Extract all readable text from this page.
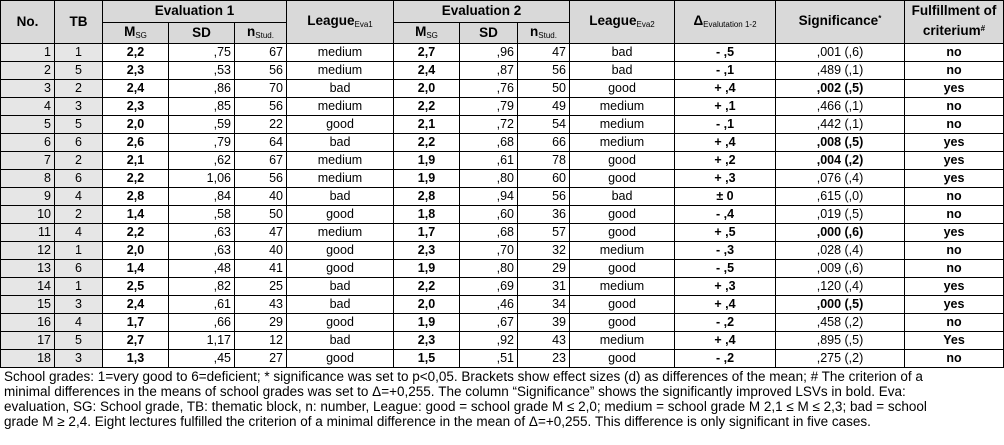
No.	TB	Evaluation 1			LeagueEva1	Evaluation 2			LeagueEva2	ΔEvalutation 1-2	Significance*	Fulfillment of
criterium#
		MSG	SD	nStud.		MSG	SD	nStud.				
1	1	2,2	,75	67	medium	2,7	,96	47	bad	- ,5	,001 (,6)	no
2	5	2,3	,53	56	medium	2,4	,87	56	bad	- ,1	,489 (,1)	no
3	2	2,4	,86	70	bad	2,0	,76	50	good	+ ,4	,002 (,5)	yes
4	3	2,3	,85	56	medium	2,2	,79	49	medium	+ ,1	,466 (,1)	no
5	5	2,0	,59	22	good	2,1	,72	54	medium	- ,1	,442 (,1)	no
6	6	2,6	,79	64	bad	2,2	,68	66	medium	+ ,4	,008 (,5)	yes
7	2	2,1	,62	67	medium	1,9	,61	78	good	+ ,2	,004 (,2)	yes
8	6	2,2	1,06	56	medium	1,9	,80	60	good	+ ,3	,076 (,4)	yes
9	4	2,8	,84	40	bad	2,8	,94	56	bad	± 0	,615 (,0)	no
10	2	1,4	,58	50	good	1,8	,60	36	good	- ,4	,019 (,5)	no
11	4	2,2	,63	47	medium	1,7	,68	57	good	+ ,5	,000 (,6)	yes
12	1	2,0	,63	40	good	2,3	,70	32	medium	- ,3	,028 (,4)	no
13	6	1,4	,48	41	good	1,9	,80	29	good	- ,5	,009 (,6)	no
14	1	2,5	,82	25	bad	2,2	,69	31	medium	+ ,3	,120 (,4)	yes
15	3	2,4	,61	43	bad	2,0	,46	34	good	+ ,4	,000 (,5)	yes
16	4	1,7	,66	29	good	1,9	,67	39	good	- ,2	,458 (,2)	no
17	5	2,7	1,17	12	bad	2,3	,92	43	medium	+ ,4	,895 (,5)	Yes
18	3	1,3	,45	27	good	1,5	,51	23	good	- ,2	,275 (,2)	no
School grades: 1=very good to 6=deficient; * significance was set to p<0,05. Brackets show effect sizes (d) as differences of the mean; # The criterion of a minimal differences in the means of school grades was set to Δ=+0,255. The column “Significance” shows the significantly improved LSVs in bold. Eva: evaluation, SG: School grade, TB: thematic block, n: number, League: good = school grade M ≤ 2,0; medium = school grade M 2,1 ≤ M ≤ 2,3; bad = school grade M ≥ 2,4. Eight lectures fulfilled the criterion of a minimal difference in the mean of Δ=+0,255. This difference is only significant in five cases.
